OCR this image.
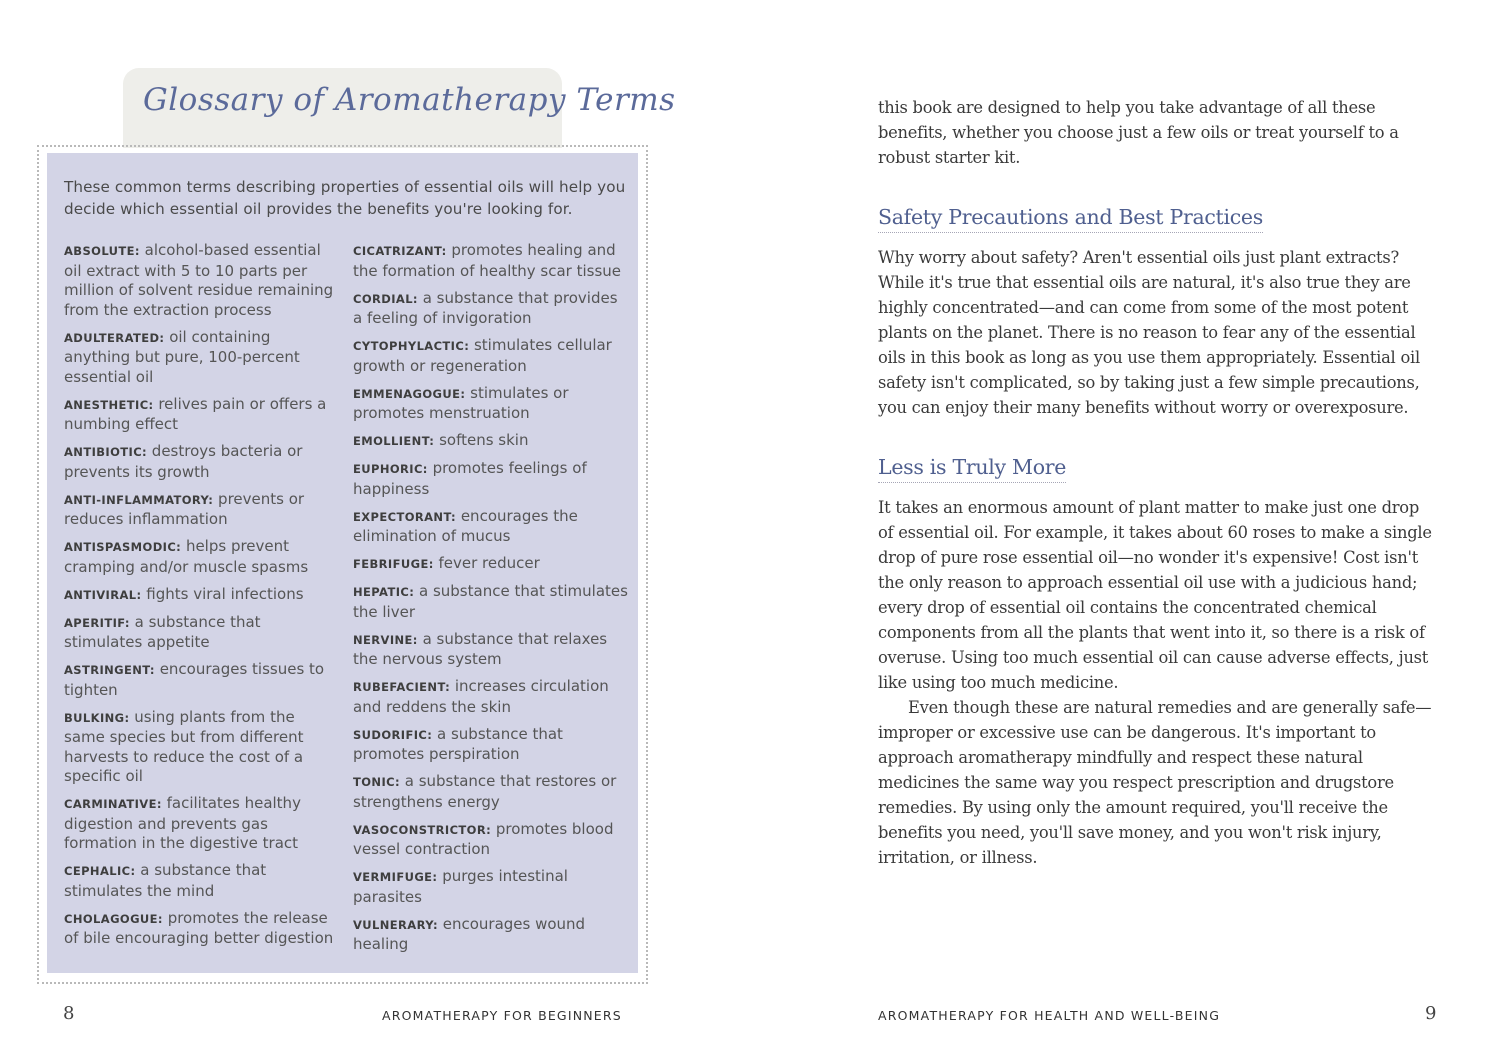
Glossary of Aromatherapy Terms
These common terms describing properties of essential oils will help you decide which essential oil provides the benefits you're looking for.
ABSOLUTE: alcohol-based essential oil extract with 5 to 10 parts per million of solvent residue remaining from the extraction process
ADULTERATED: oil containing anything but pure, 100-percent essential oil
ANESTHETIC: relives pain or offers a numbing effect
ANTIBIOTIC: destroys bacteria or prevents its growth
ANTI-INFLAMMATORY: prevents or reduces inflammation
ANTISPASMODIC: helps prevent cramping and/or muscle spasms
ANTIVIRAL: fights viral infections
APERITIF: a substance that stimulates appetite
ASTRINGENT: encourages tissues to tighten
BULKING: using plants from the same species but from different harvests to reduce the cost of a specific oil
CARMINATIVE: facilitates healthy digestion and prevents gas formation in the digestive tract
CEPHALIC: a substance that stimulates the mind
CHOLAGOGUE: promotes the release of bile encouraging better digestion
CICATRIZANT: promotes healing and the formation of healthy scar tissue
CORDIAL: a substance that provides a feeling of invigoration
CYTOPHYLACTIC: stimulates cellular growth or regeneration
EMMENAGOGUE: stimulates or promotes menstruation
EMOLLIENT: softens skin
EUPHORIC: promotes feelings of happiness
EXPECTORANT: encourages the elimination of mucus
FEBRIFUGE: fever reducer
HEPATIC: a substance that stimulates the liver
NERVINE: a substance that relaxes the nervous system
RUBEFACIENT: increases circulation and reddens the skin
SUDORIFIC: a substance that promotes perspiration
TONIC: a substance that restores or strengthens energy
VASOCONSTRICTOR: promotes blood vessel contraction
VERMIFUGE: purges intestinal parasites
VULNERARY: encourages wound healing
8	AROMATHERAPY FOR BEGINNERS
this book are designed to help you take advantage of all these benefits, whether you choose just a few oils or treat yourself to a robust starter kit.
Safety Precautions and Best Practices
Why worry about safety? Aren't essential oils just plant extracts? While it's true that essential oils are natural, it's also true they are highly concentrated—and can come from some of the most potent plants on the planet. There is no reason to fear any of the essential oils in this book as long as you use them appropriately. Essential oil safety isn't complicated, so by taking just a few simple precautions, you can enjoy their many benefits without worry or overexposure.
Less is Truly More
It takes an enormous amount of plant matter to make just one drop of essential oil. For example, it takes about 60 roses to make a single drop of pure rose essential oil—no wonder it's expensive! Cost isn't the only reason to approach essential oil use with a judicious hand; every drop of essential oil contains the concentrated chemical components from all the plants that went into it, so there is a risk of overuse. Using too much essential oil can cause adverse effects, just like using too much medicine.
Even though these are natural remedies and are generally safe—improper or excessive use can be dangerous. It's important to approach aromatherapy mindfully and respect these natural medicines the same way you respect prescription and drugstore remedies. By using only the amount required, you'll receive the benefits you need, you'll save money, and you won't risk injury, irritation, or illness.
AROMATHERAPY FOR HEALTH AND WELL-BEING	9
